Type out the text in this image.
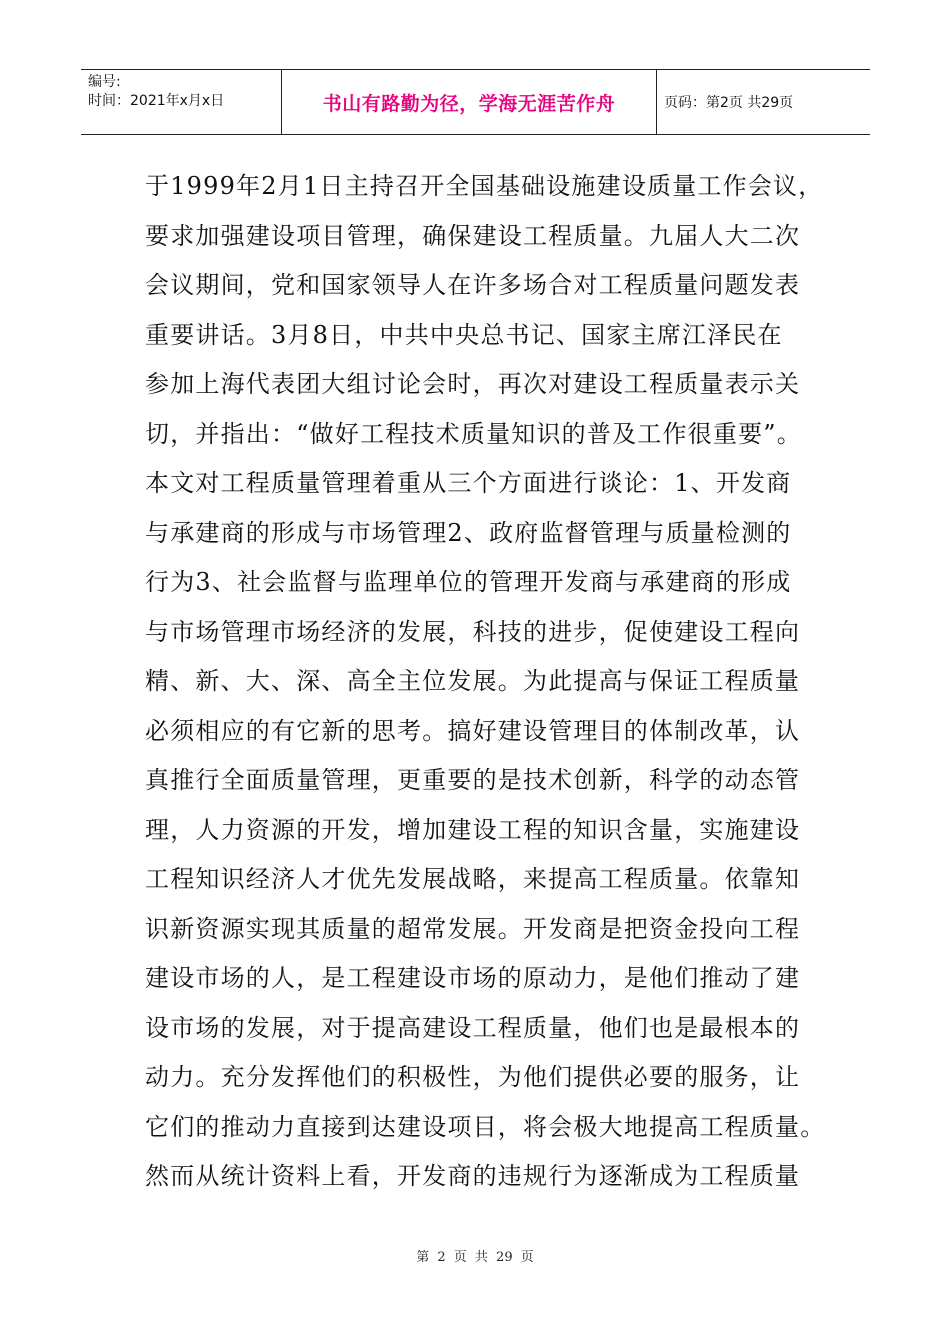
编号:
时间：2021年x月x日	书山有路勤为径，学海无涯苦作舟	页码：第2页 共29页
于1999年2月1日主持召开全国基础设施建设质量工作会议，
要求加强建设项目管理，确保建设工程质量。九届人大二次
会议期间，党和国家领导人在许多场合对工程质量问题发表
重要讲话。3月8日，中共中央总书记、国家主席江泽民在
参加上海代表团大组讨论会时，再次对建设工程质量表示关
切，并指出：“做好工程技术质量知识的普及工作很重要”。
本文对工程质量管理着重从三个方面进行谈论：1、开发商
与承建商的形成与市场管理2、政府监督管理与质量检测的
行为3、社会监督与监理单位的管理开发商与承建商的形成
与市场管理市场经济的发展，科技的进步，促使建设工程向
精、新、大、深、高全主位发展。为此提高与保证工程质量
必须相应的有它新的思考。搞好建设管理目的体制改革，认
真推行全面质量管理，更重要的是技术创新，科学的动态管
理，人力资源的开发，增加建设工程的知识含量，实施建设
工程知识经济人才优先发展战略，来提高工程质量。依靠知
识新资源实现其质量的超常发展。开发商是把资金投向工程
建设市场的人，是工程建设市场的原动力，是他们推动了建
设市场的发展，对于提高建设工程质量，他们也是最根本的
动力。充分发挥他们的积极性，为他们提供必要的服务，让
它们的推动力直接到达建设项目，将会极大地提高工程质量。
然而从统计资料上看，开发商的违规行为逐渐成为工程质量
第 2 页 共 29 页
